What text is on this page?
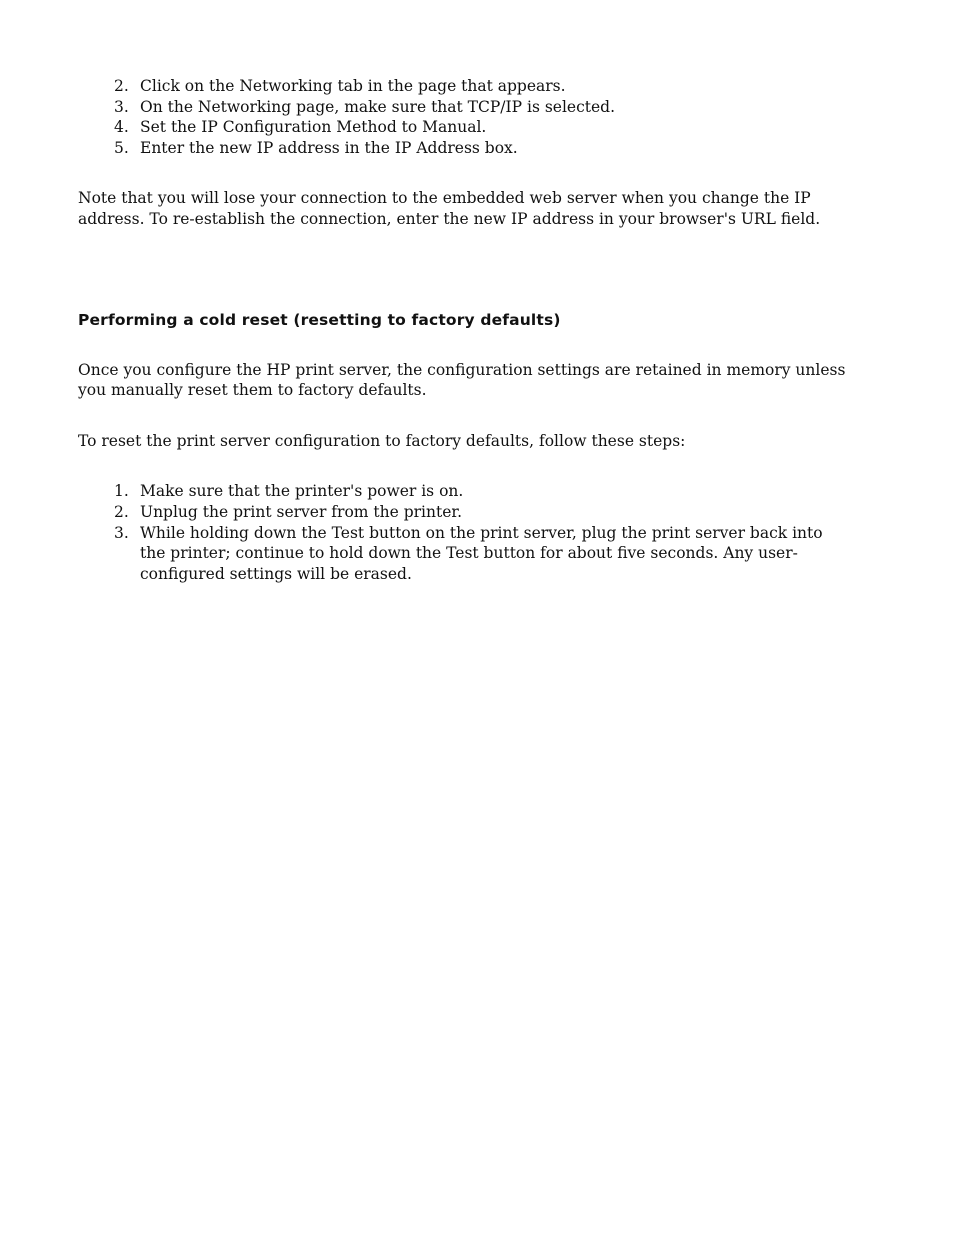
2. Click on the Networking tab in the page that appears.
3. On the Networking page, make sure that TCP/IP is selected.
4. Set the IP Configuration Method to Manual.
5. Enter the new IP address in the IP Address box.

Note that you will lose your connection to the embedded web server when you change the IP address. To re-establish the connection, enter the new IP address in your browser's URL field.

Performing a cold reset (resetting to factory defaults)

Once you configure the HP print server, the configuration settings are retained in memory unless you manually reset them to factory defaults.

To reset the print server configuration to factory defaults, follow these steps:

1. Make sure that the printer's power is on.
2. Unplug the print server from the printer.
3. While holding down the Test button on the print server, plug the print server back into the printer; continue to hold down the Test button for about five seconds. Any user-configured settings will be erased.
